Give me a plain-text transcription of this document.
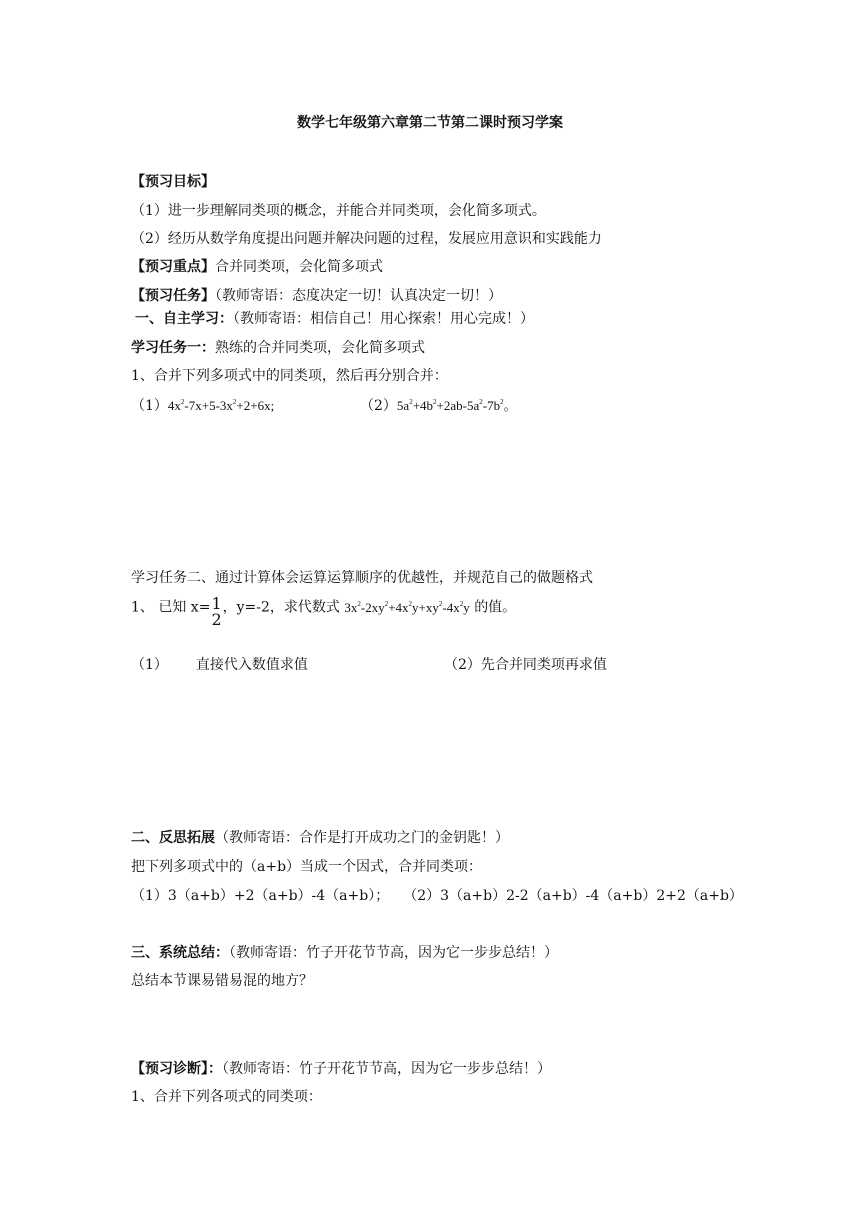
数学七年级第六章第二节第二课时预习学案
【预习目标】
（1）进一步理解同类项的概念，并能合并同类项，会化简多项式。
（2）经历从数学角度提出问题并解决问题的过程，发展应用意识和实践能力
【预习重点】合并同类项，会化简多项式
【预习任务】（教师寄语：态度决定一切！认真决定一切！）
一、自主学习：（教师寄语：相信自己！用心探索！用心完成！）
学习任务一：熟练的合并同类项，会化简多项式
1、合并下列多项式中的同类项，然后再分别合并：
$(1)4x^2-7x+5-3x^2+2+6x$;	$(2)5a^2+4b^2+2ab-5a^2-7b^2$。
学习任务二、通过计算体会运算运算顺序的优越性，并规范自己的做题格式
1、 已知 x= 1
2
，y=-2，求代数式 $3x^2-2xy^2+4x^2y+xy^2-4x^2y$ 的值。
（1） 直接代入数值求值	（2）先合并同类项再求值
二、反思拓展（教师寄语：合作是打开成功之门的金钥匙！）
把下列多项式中的（a+b）当成一个因式，合并同类项：
（1）3（a+b）+2（a+b）-4（a+b）； （2）3（a+b）2-2（a+b）-4（a+b）2+2（a+b）
三、系统总结：（教师寄语：竹子开花节节高，因为它一步步总结！）
总结本节课易错易混的地方？
【预习诊断】：（教师寄语：竹子开花节节高，因为它一步步总结！）
1、合并下列各项式的同类项：
